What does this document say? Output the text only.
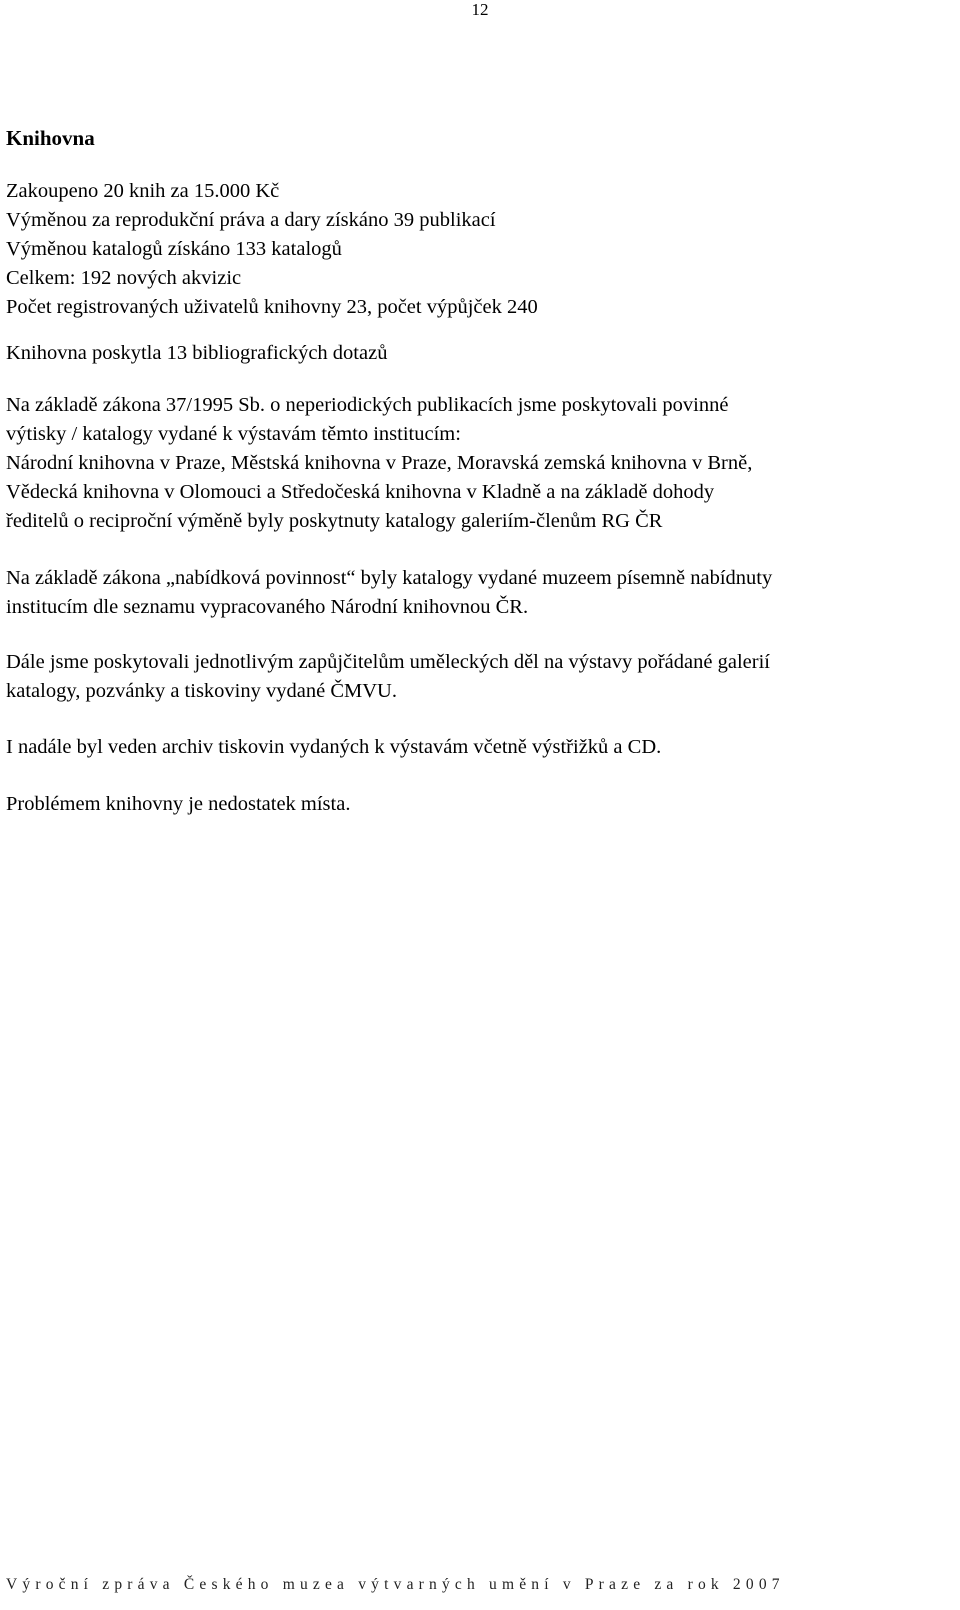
12
Knihovna
Zakoupeno 20 knih za 15.000 Kč
Výměnou za reprodukční práva a dary získáno 39 publikací
Výměnou katalogů získáno 133 katalogů
Celkem: 192 nových akvizic
Počet registrovaných uživatelů knihovny 23, počet výpůjček 240
Knihovna poskytla 13 bibliografických dotazů
Na základě zákona 37/1995 Sb. o neperiodických publikacích jsme poskytovali povinné
výtisky / katalogy vydané k výstavám těmto institucím:
Národní knihovna v Praze, Městská knihovna v Praze, Moravská zemská knihovna v Brně,
Vědecká knihovna v Olomouci a Středočeská knihovna v Kladně a na základě dohody
ředitelů o reciproční výměně byly poskytnuty katalogy galeriím-členům RG ČR
Na základě zákona „nabídková povinnost“ byly katalogy vydané muzeem písemně nabídnuty
institucím dle seznamu vypracovaného Národní knihovnou ČR.
Dále jsme poskytovali jednotlivým zapůjčitelům uměleckých děl na výstavy pořádané galerií
katalogy, pozvánky a tiskoviny vydané ČMVU.
I nadále byl veden archiv tiskovin vydaných k výstavám včetně výstřižků a CD.
Problémem knihovny je nedostatek místa.
Výroční zpráva Českého muzea výtvarných umění v Praze za rok 2007
